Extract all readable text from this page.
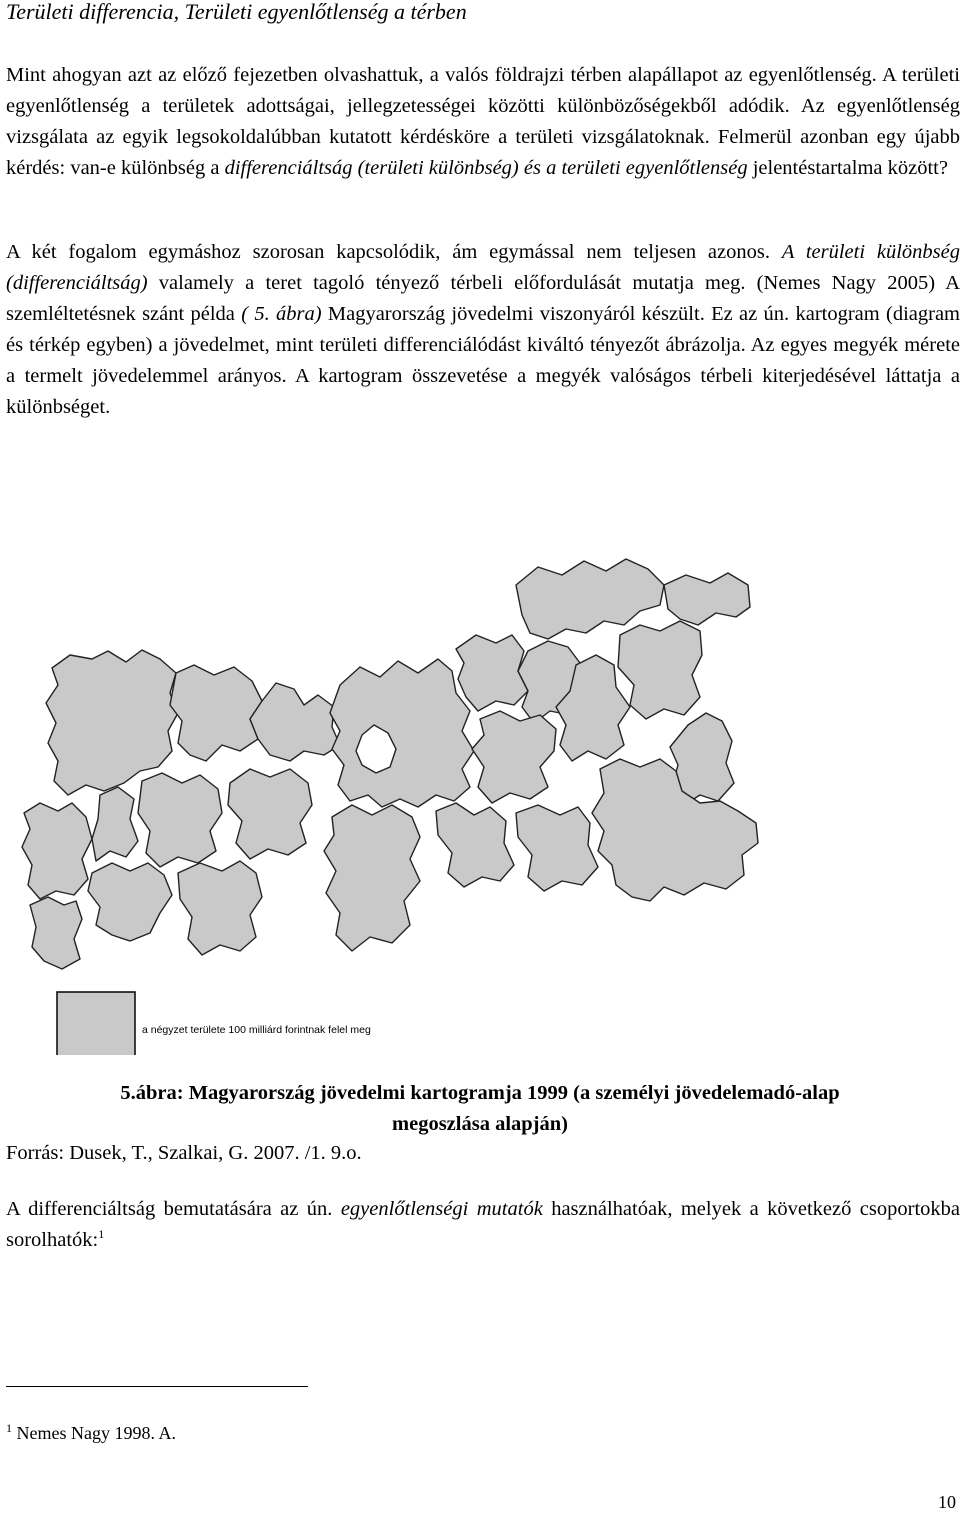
Területi differencia, Területi egyenlőtlenség a térben
Mint ahogyan azt az előző fejezetben olvashattuk, a valós földrajzi térben alapállapot az egyenlőtlenség. A területi egyenlőtlenség a területek adottságai, jellegzetességei közötti különbözőségekből adódik. Az egyenlőtlenség vizsgálata az egyik legsokoldalúbban kutatott kérdésköre a területi vizsgálatoknak. Felmerül azonban egy újabb kérdés: van-e különbség a differenciáltság (területi különbség) és a területi egyenlőtlenség jelentéstartalma között?
A két fogalom egymáshoz szorosan kapcsolódik, ám egymással nem teljesen azonos. A területi különbség (differenciáltság) valamely a teret tagoló tényező térbeli előfordulását mutatja meg. (Nemes Nagy 2005) A szemléltetésnek szánt példa ( 5. ábra) Magyarország jövedelmi viszonyáról készült. Ez az ún. kartogram (diagram és térkép egyben) a jövedelmet, mint területi differenciálódást kiváltó tényezőt ábrázolja. Az egyes megyék mérete a termelt jövedelemmel arányos. A kartogram összevetése a megyék valóságos térbeli kiterjedésével láttatja a különbséget.
a négyzet területe 100 milliárd forintnak felel meg
5.ábra: Magyarország jövedelmi kartogramja 1999 (a személyi jövedelemadó-alap
megoszlása alapján)
Forrás: Dusek, T., Szalkai, G. 2007. /1. 9.o.
A differenciáltság bemutatására az ún. egyenlőtlenségi mutatók használhatóak, melyek a következő csoportokba sorolhatók:$^1$
$^1$ Nemes Nagy 1998. A.
10
